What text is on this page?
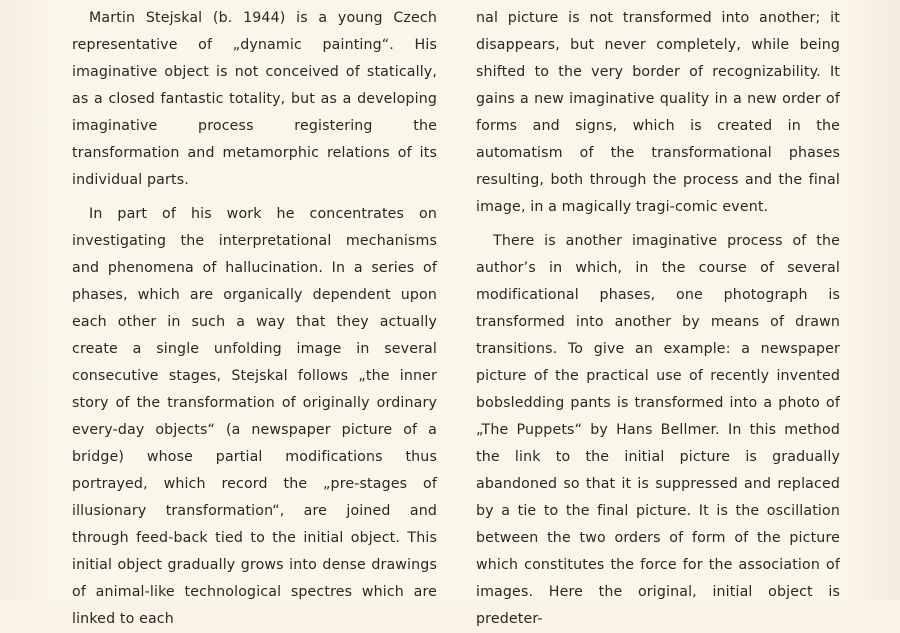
Martin Stejskal (b. 1944) is a young Czech representative of „dynamic painting“. His imaginative object is not conceived of statically, as a closed fantastic totality, but as a developing imaginative process registering the transformation and metamorphic relations of its individual parts.

In part of his work he concentrates on investigating the interpretational mechanisms and phenomena of hallucination. In a series of phases, which are organically dependent upon each other in such a way that they actually create a single unfolding image in several consecutive stages, Stejskal follows „the inner story of the transformation of originally ordinary every-day objects“ (a newspaper picture of a bridge) whose partial modifications thus portrayed, which record the „pre-stages of illusionary transformation“, are joined and through feed-back tied to the initial object. This initial object gradually grows into dense drawings of animal-like technological spectres which are linked to each

nal picture is not transformed into another; it disappears, but never completely, while being shifted to the very border of recognizability. It gains a new imaginative quality in a new order of forms and signs, which is created in the automatism of the transformational phases resulting, both through the process and the final image, in a magically tragi-comic event.

There is another imaginative process of the author’s in which, in the course of several modificational phases, one photograph is transformed into another by means of drawn transitions. To give an example: a newspaper picture of the practical use of recently invented bobsledding pants is transformed into a photo of „The Puppets“ by Hans Bellmer. In this method the link to the initial picture is gradually abandoned so that it is suppressed and replaced by a tie to the final picture. It is the oscillation between the two orders of form of the picture which constitutes the force for the association of images. Here the original, initial object is predeter-
